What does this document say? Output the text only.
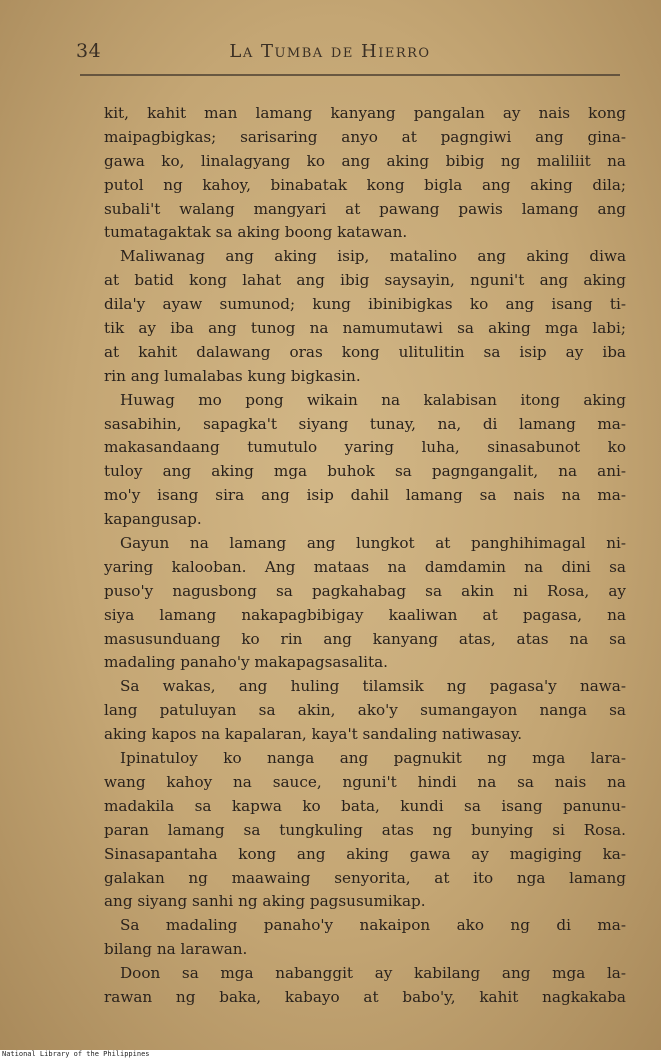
34	La Tumba de Hierro
kit, kahit man lamang kanyang pangalan ay nais kong
maipagbigkas; sarisaring anyo at pagngiwi ang gina-
gawa ko, linalagyang ko ang aking bibig ng maliliit na
putol ng kahoy, binabatak kong bigla ang aking dila;
subali't walang mangyari at pawang pawis lamang ang
tumatagaktak sa aking boong katawan.
Maliwanag ang aking isip, matalino ang aking diwa
at batid kong lahat ang ibig saysayin, nguni't ang aking
dila'y ayaw sumunod; kung ibinibigkas ko ang isang ti-
tik ay iba ang tunog na namumutawi sa aking mga labi;
at kahit dalawang oras kong ulitulitin sa isip ay iba
rin ang lumalabas kung bigkasin.
Huwag mo pong wikain na kalabisan itong aking
sasabihin, sapagka't siyang tunay, na, di lamang ma-
makasandaang tumutulo yaring luha, sinasabunot ko
tuloy ang aking mga buhok sa pagngangalit, na ani-
mo'y isang sira ang isip dahil lamang sa nais na ma-
kapangusap.
Gayun na lamang ang lungkot at panghihimagal ni-
yaring kalooban. Ang mataas na damdamin na dini sa
puso'y nagusbong sa pagkahabag sa akin ni Rosa, ay
siya lamang nakapagbibigay kaaliwan at pagasa, na
masusunduang ko rin ang kanyang atas, atas na sa
madaling panaho'y makapagsasalita.
Sa wakas, ang huling tilamsik ng pagasa'y nawa-
lang patuluyan sa akin, ako'y sumangayon nanga sa
aking kapos na kapalaran, kaya't sandaling natiwasay.
Ipinatuloy ko nanga ang pagnukit ng mga lara-
wang kahoy na sauce, nguni't hindi na sa nais na
madakila sa kapwa ko bata, kundi sa isang panunu-
paran lamang sa tungkuling atas ng bunying si Rosa.
Sinasapantaha kong ang aking gawa ay magiging ka-
galakan ng maawaing senyorita, at ito nga lamang
ang siyang sanhi ng aking pagsusumikap.
Sa madaling panaho'y nakaipon ako ng di ma-
bilang na larawan.
Doon sa mga nabanggit ay kabilang ang mga la-
rawan ng baka, kabayo at babo'y, kahit nagkakaba
National Library of the Philippines
